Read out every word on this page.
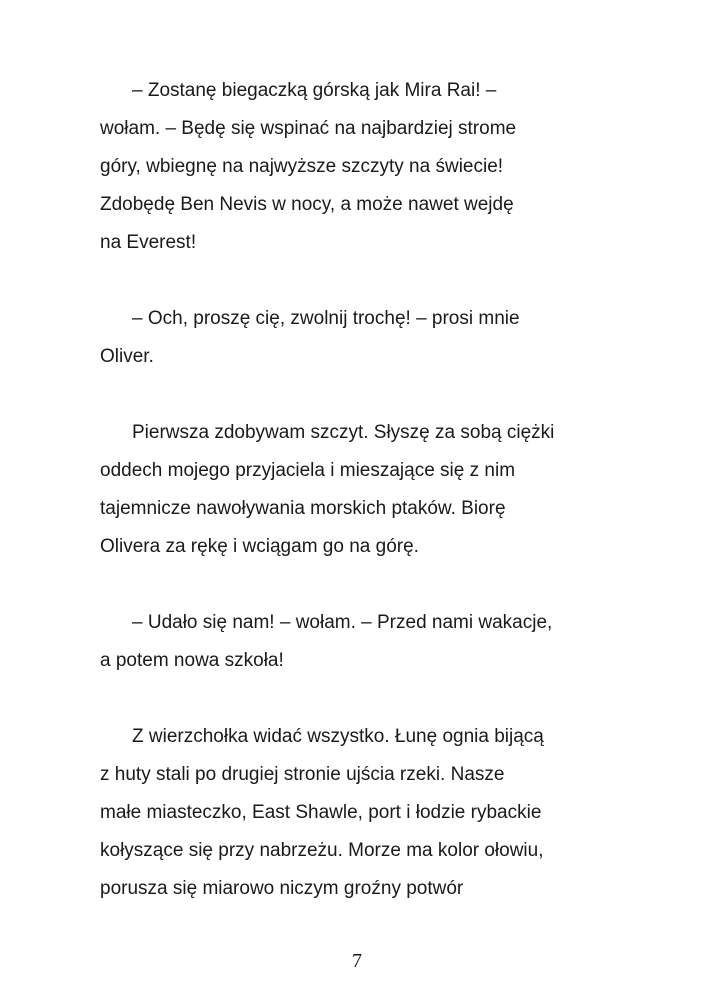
– Zostanę biegaczką górską jak Mira Rai! –
wołam. – Będę się wspinać na najbardziej strome
góry, wbiegnę na najwyższe szczyty na świecie!
Zdobędę Ben Nevis w nocy, a może nawet wejdę
na Everest!

– Och, proszę cię, zwolnij trochę! – prosi mnie
Oliver.

Pierwsza zdobywam szczyt. Słyszę za sobą ciężki
oddech mojego przyjaciela i mieszające się z nim
tajemnicze nawoływania morskich ptaków. Biorę
Olivera za rękę i wciągam go na górę.

– Udało się nam! – wołam. – Przed nami wakacje,
a potem nowa szkoła!

Z wierzchołka widać wszystko. Łunę ognia bijącą
z huty stali po drugiej stronie ujścia rzeki. Nasze
małe miasteczko, East Shawle, port i łodzie rybackie
kołyszące się przy nabrzeżu. Morze ma kolor ołowiu,
porusza się miarowo niczym groźny potwór

7
